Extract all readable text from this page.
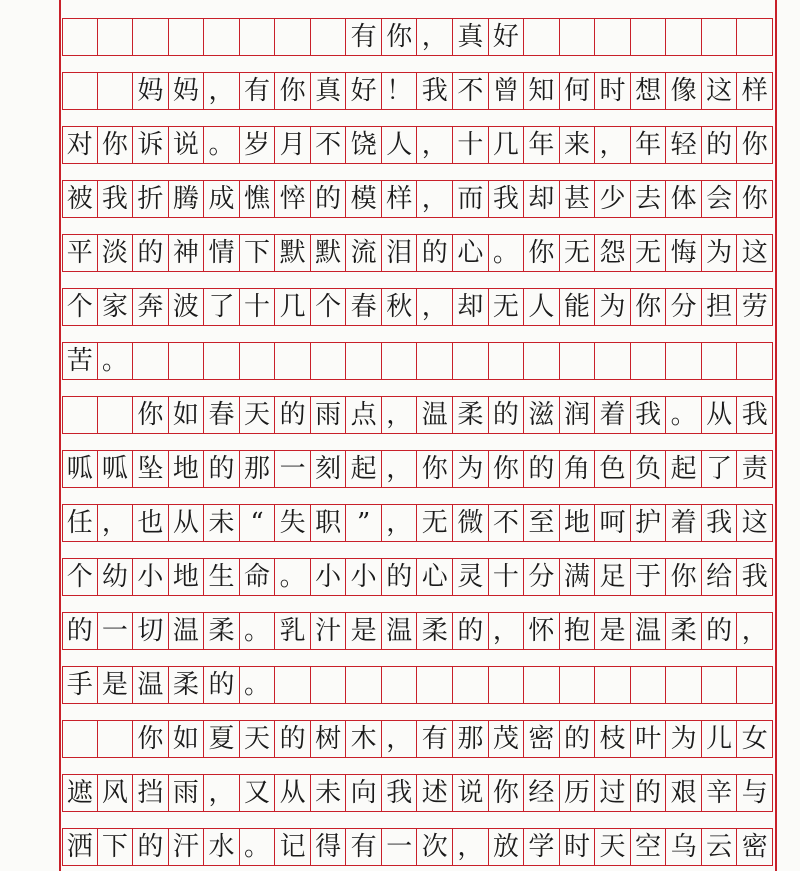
有 你 ， 真 好
妈 妈 ， 有 你 真 好 ！ 我 不 曾 知 何 时 想 像 这 样
对 你 诉 说 。 岁 月 不 饶 人 ， 十 几 年 来 ， 年 轻 的 你
被 我 折 腾 成 憔 悴 的 模 样 ， 而 我 却 甚 少 去 体 会 你
平 淡 的 神 情 下 默 默 流 泪 的 心 。 你 无 怨 无 悔 为 这
个 家 奔 波 了 十 几 个 春 秋 ， 却 无 人 能 为 你 分 担 劳
苦 。
你 如 春 天 的 雨 点 ， 温 柔 的 滋 润 着 我 。 从 我
呱 呱 坠 地 的 那 一 刻 起 ， 你 为 你 的 角 色 负 起 了 责
任 ， 也 从 未 “ 失 职 ” ， 无 微 不 至 地 呵 护 着 我 这
个 幼 小 地 生 命 。 小 小 的 心 灵 十 分 满 足 于 你 给 我
的 一 切 温 柔 。 乳 汁 是 温 柔 的 ， 怀 抱 是 温 柔 的 ，
手 是 温 柔 的 。
你 如 夏 天 的 树 木 ， 有 那 茂 密 的 枝 叶 为 儿 女
遮 风 挡 雨 ， 又 从 未 向 我 述 说 你 经 历 过 的 艰 辛 与
洒 下 的 汗 水 。 记 得 有 一 次 ， 放 学 时 天 空 乌 云 密
